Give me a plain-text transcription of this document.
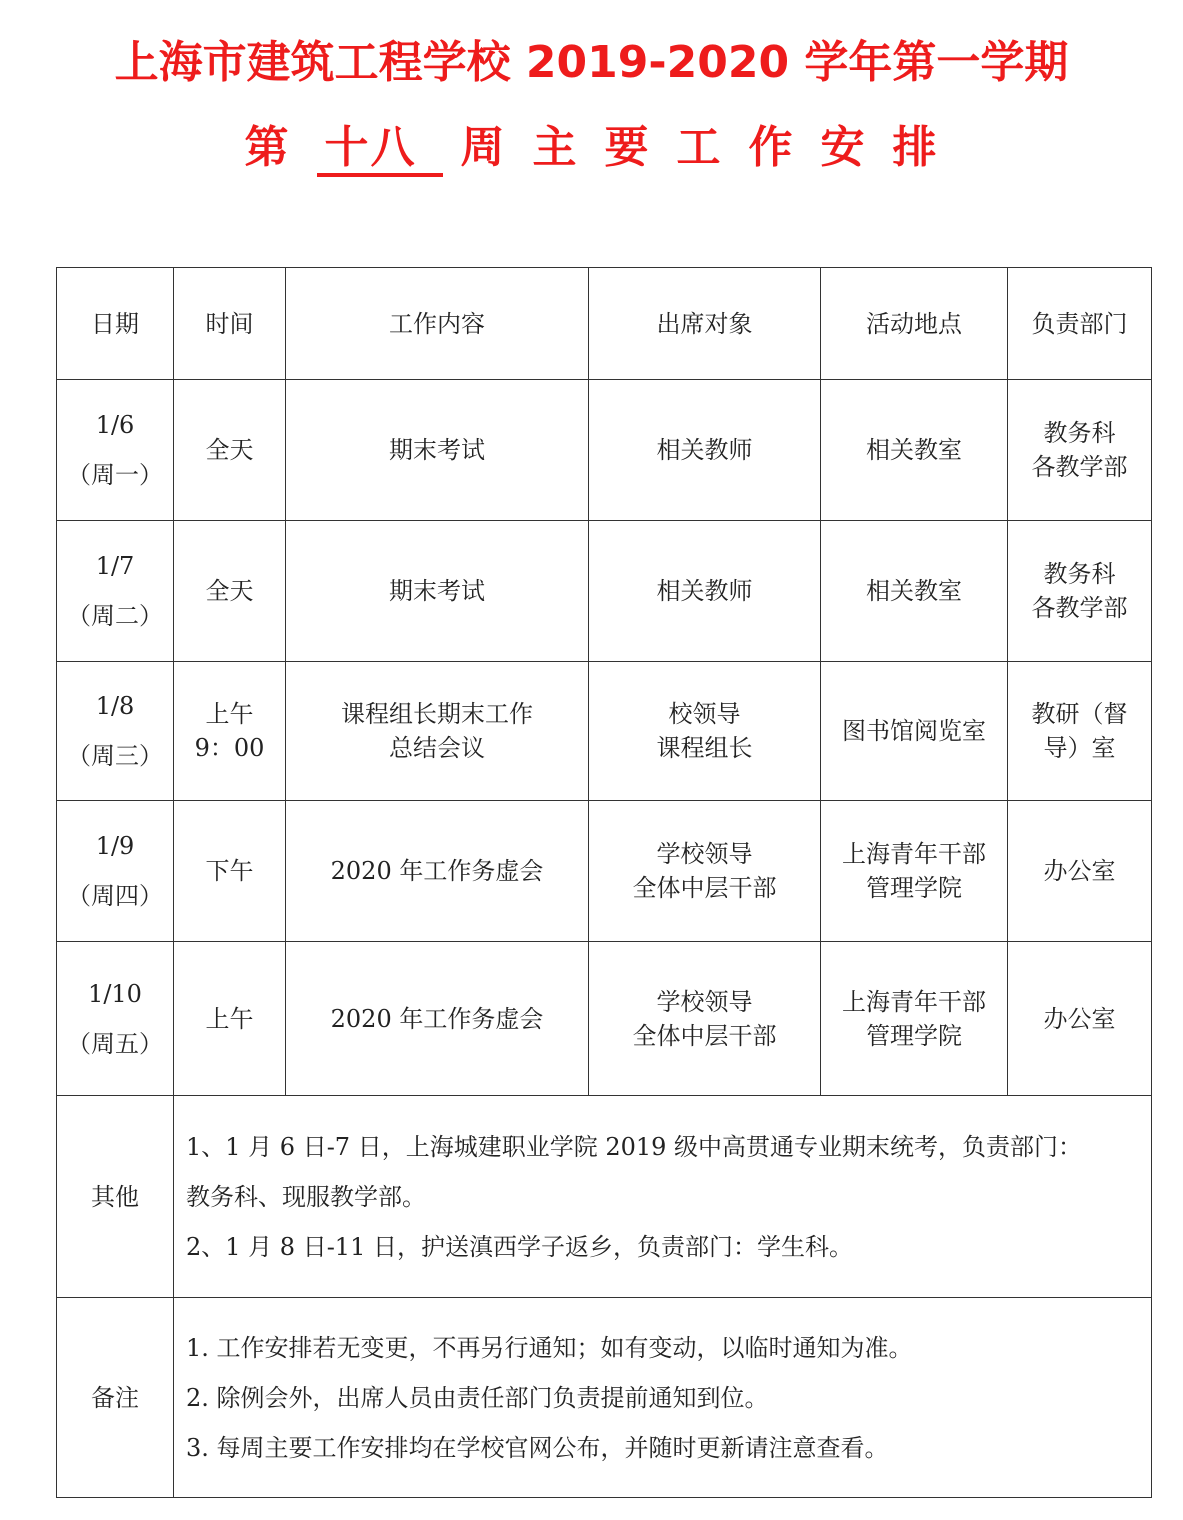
上海市建筑工程学校 2019-2020 学年第一学期
第 十八 周 主 要 工 作 安 排
日期	时间	工作内容	出席对象	活动地点	负责部门

1/6
（周一）	全天	期末考试	相关教师	相关教室	教务科
各教学部

1/7
（周二）	全天	期末考试	相关教师	相关教室	教务科
各教学部

1/8
（周三）	上午
9：00	课程组长期末工作
总结会议	校领导
课程组长	图书馆阅览室	教研（督
导）室

1/9
（周四）	下午	2020 年工作务虚会	学校领导
全体中层干部	上海青年干部
管理学院	办公室

1/10
（周五）	上午	2020 年工作务虚会	学校领导
全体中层干部	上海青年干部
管理学院	办公室

其他	1、1 月 6 日-7 日，上海城建职业学院 2019 级中高贯通专业期末统考，负责部门：
教务科、现服教学部。
2、1 月 8 日-11 日，护送滇西学子返乡，负责部门：学生科。				

备注	1. 工作安排若无变更，不再另行通知；如有变动，以临时通知为准。
2. 除例会外，出席人员由责任部门负责提前通知到位。
3. 每周主要工作安排均在学校官网公布，并随时更新请注意查看。				
